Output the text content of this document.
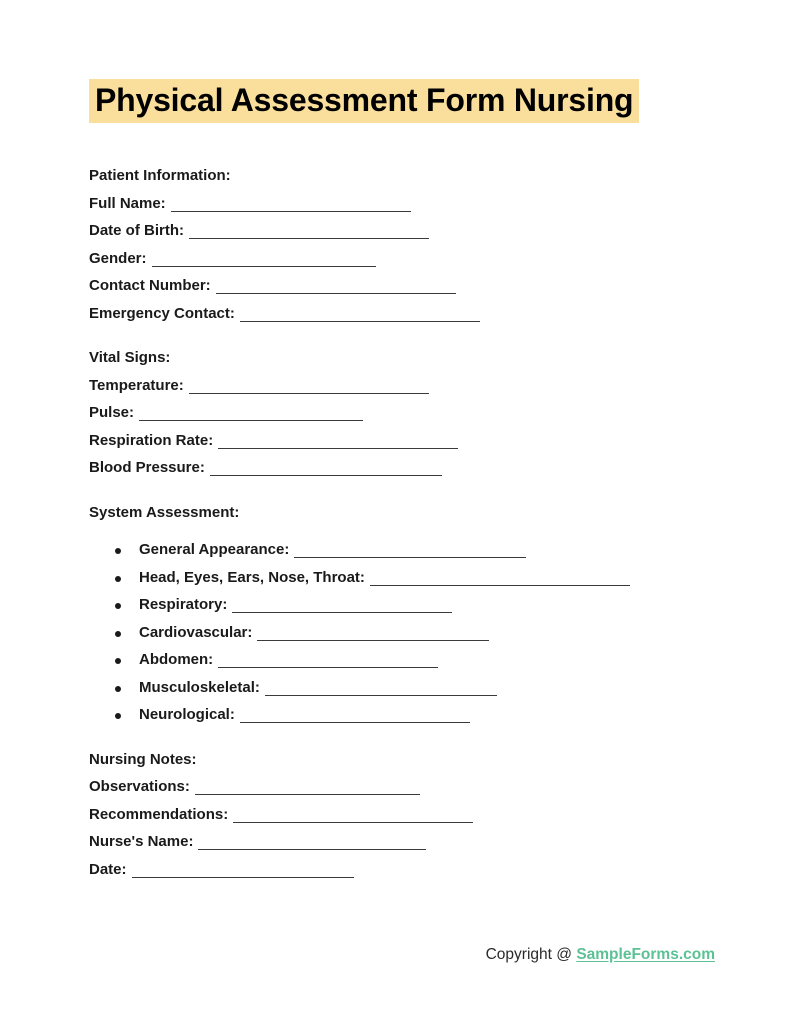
Physical Assessment Form Nursing
Patient Information:
Full Name:
Date of Birth:
Gender:
Contact Number:
Emergency Contact:
Vital Signs:
Temperature:
Pulse:
Respiration Rate:
Blood Pressure:
System Assessment:
General Appearance:
Head, Eyes, Ears, Nose, Throat:
Respiratory:
Cardiovascular:
Abdomen:
Musculoskeletal:
Neurological:
Nursing Notes:
Observations:
Recommendations:
Nurse's Name:
Date:
Copyright @ SampleForms.com
